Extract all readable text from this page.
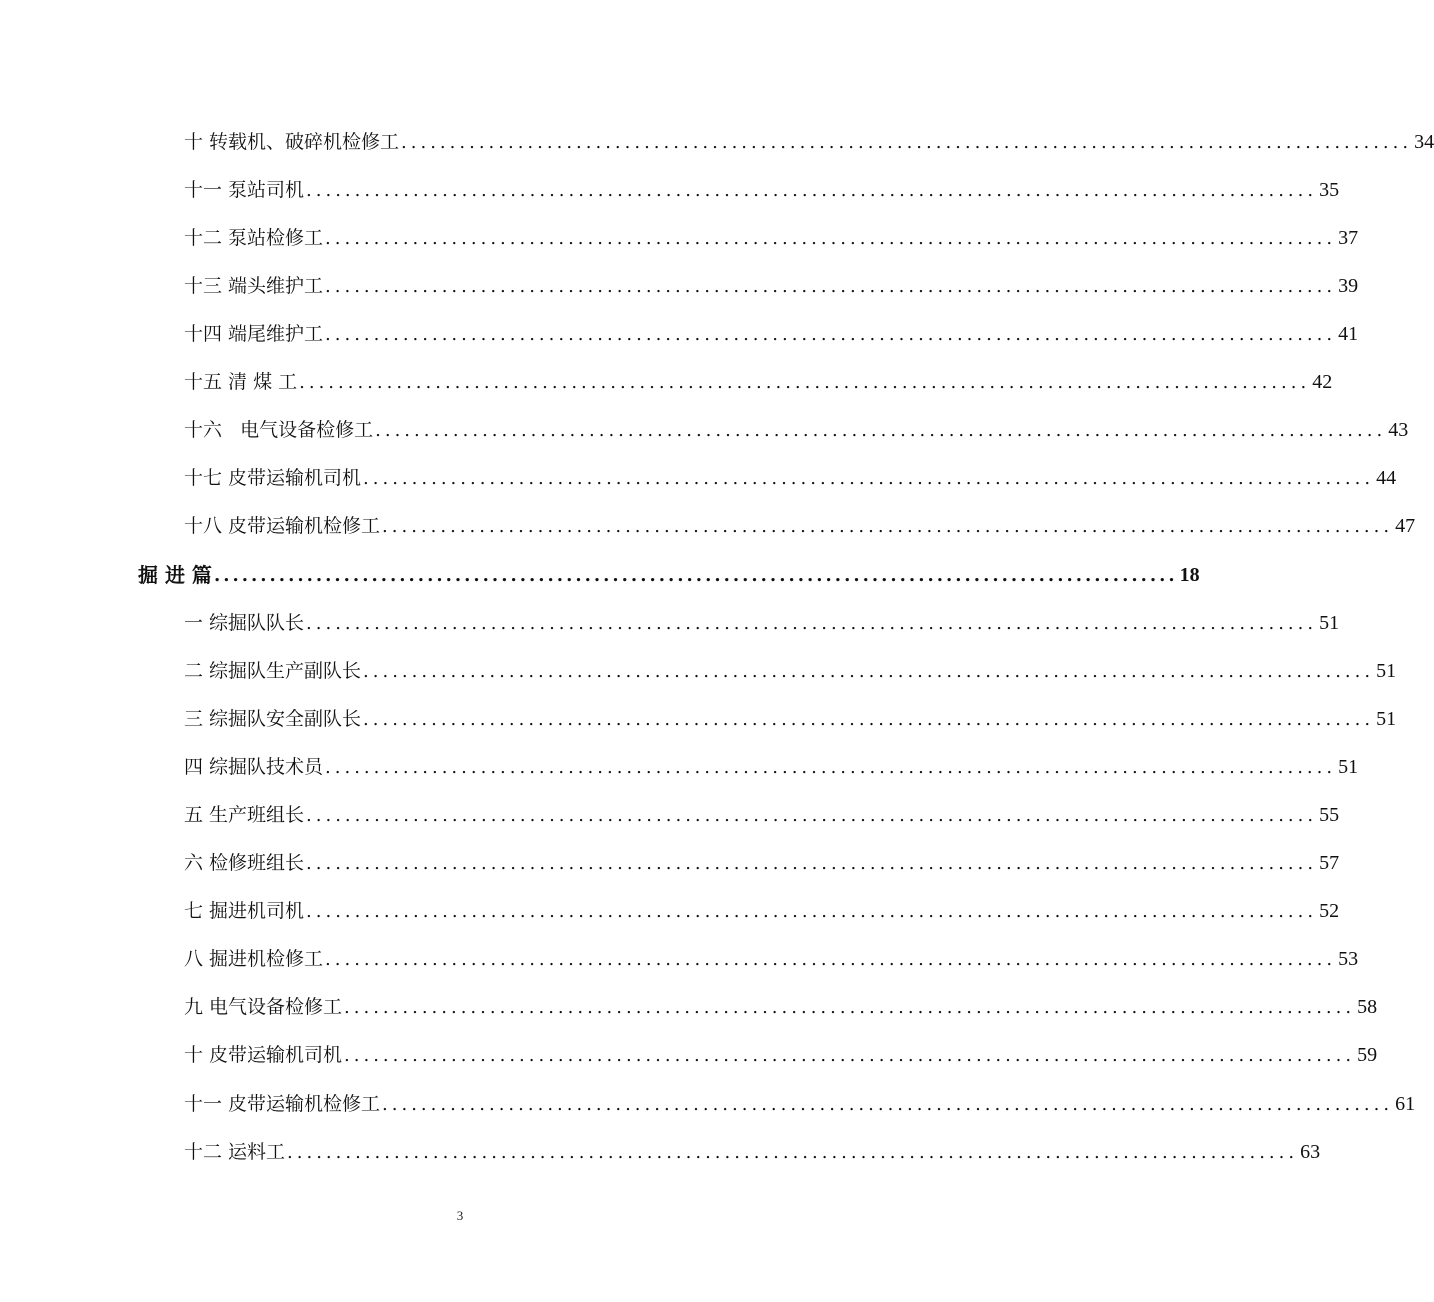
十 转载机、破碎机检修工 ........................................................................................................ 34
十一 泵站司机 ........................................................................................................ 35
十二 泵站检修工 ........................................................................................................ 37
十三 端头维护工 ........................................................................................................ 39
十四 端尾维护工 ........................................................................................................ 41
十五 清 煤 工 ........................................................................................................ 42
十六   电气设备检修工 ........................................................................................................ 43
十七 皮带运输机司机 ........................................................................................................ 44
十八 皮带运输机检修工 ........................................................................................................ 47
掘 进 篇 ........................................................................................................ 18
一 综掘队队长 ........................................................................................................ 51
二 综掘队生产副队长 ........................................................................................................ 51
三 综掘队安全副队长 ........................................................................................................ 51
四 综掘队技术员 ........................................................................................................ 51
五 生产班组长 ........................................................................................................ 55
六 检修班组长 ........................................................................................................ 57
七 掘进机司机 ........................................................................................................ 52
八 掘进机检修工 ........................................................................................................ 53
九 电气设备检修工 ........................................................................................................ 58
十 皮带运输机司机 ........................................................................................................ 59
十一 皮带运输机检修工 ........................................................................................................ 61
十二 运料工 ........................................................................................................ 63
3
